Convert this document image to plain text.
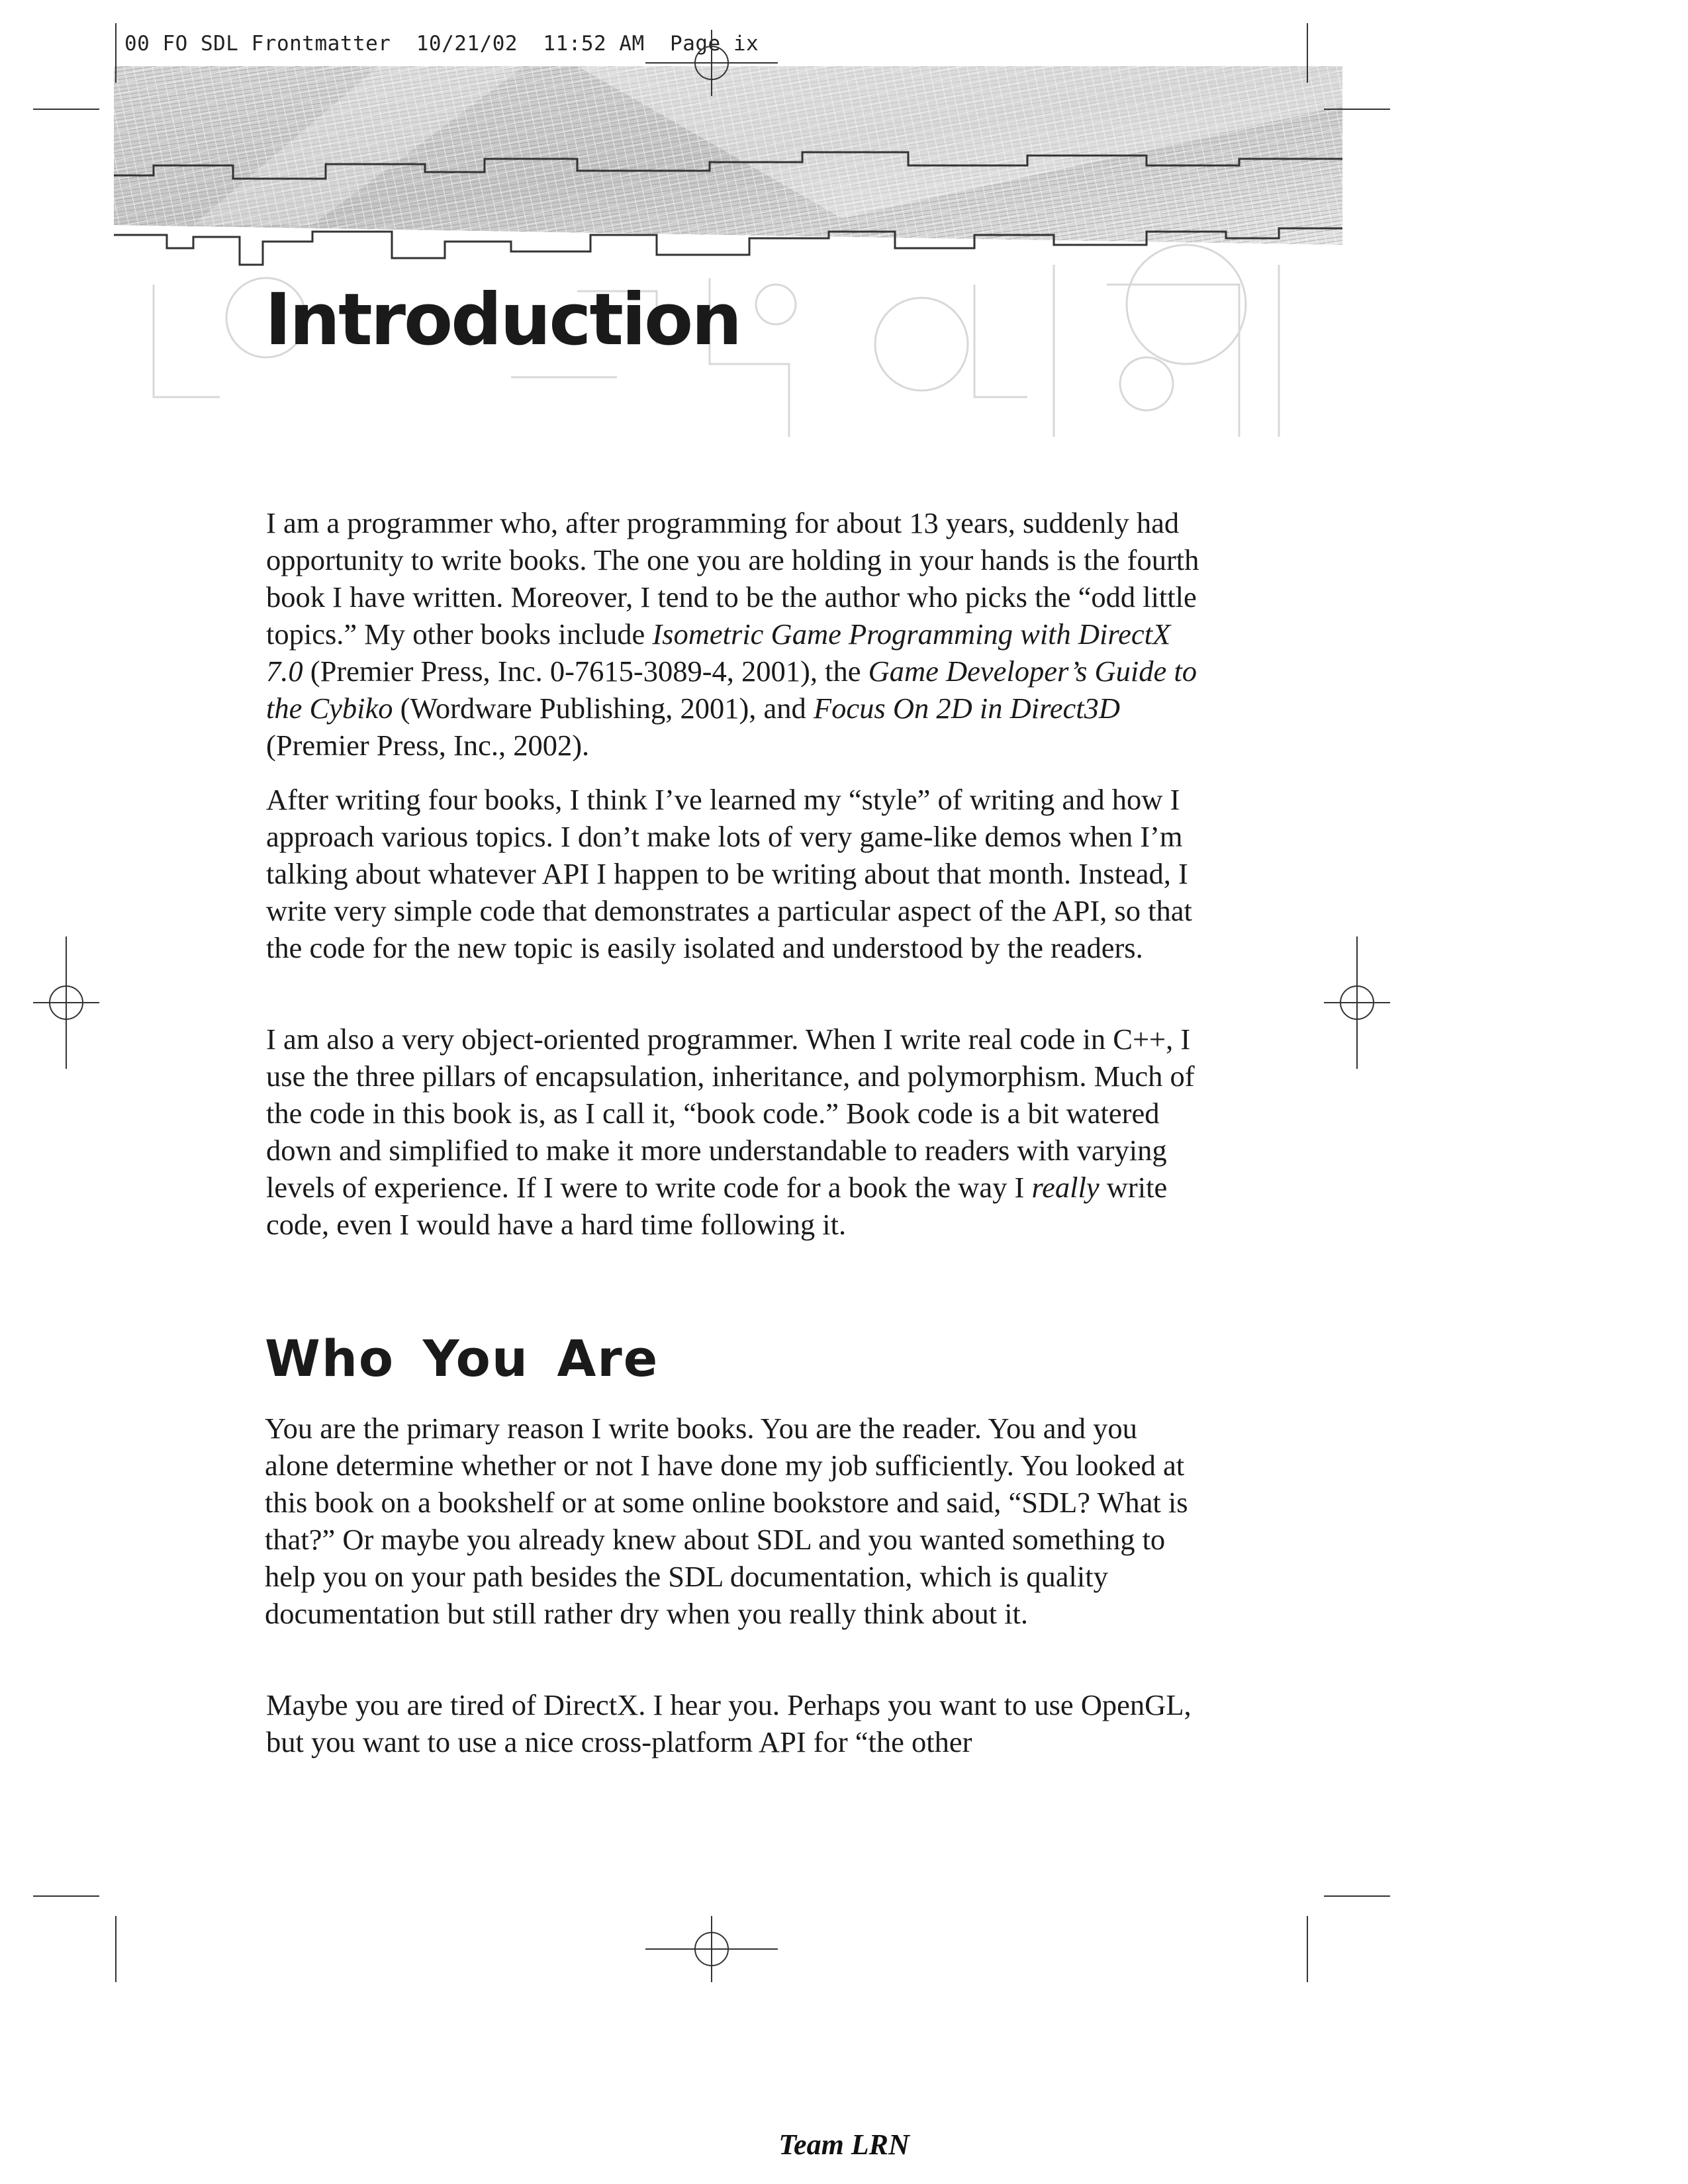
00 FO SDL Frontmatter  10/21/02  11:52 AM  Page ix
Introduction

I am a programmer who, after programming for about 13 years, suddenly had opportunity to write books. The one you are holding in your hands is the fourth book I have written. Moreover, I tend to be the author who picks the “odd little topics.” My other books include Isometric Game Programming with DirectX 7.0 (Premier Press, Inc. 0-7615-3089-4, 2001), the Game Developer’s Guide to the Cybiko (Wordware Publishing, 2001), and Focus On 2D in Direct3D (Premier Press, Inc., 2002).

After writing four books, I think I’ve learned my “style” of writing and how I approach various topics. I don’t make lots of very game-like demos when I’m talking about whatever API I happen to be writing about that month. Instead, I write very simple code that demonstrates a particular aspect of the API, so that the code for the new topic is easily isolated and understood by the readers.

I am also a very object-oriented programmer. When I write real code in C++, I use the three pillars of encapsulation, inheritance, and polymorphism. Much of the code in this book is, as I call it, “book code.” Book code is a bit watered down and simplified to make it more understandable to readers with varying levels of experience. If I were to write code for a book the way I really write code, even I would have a hard time following it.

Who You Are

You are the primary reason I write books. You are the reader. You and you alone determine whether or not I have done my job sufficiently. You looked at this book on a bookshelf or at some online bookstore and said, “SDL? What is that?” Or maybe you already knew about SDL and you wanted something to help you on your path besides the SDL documentation, which is quality documentation but still rather dry when you really think about it.

Maybe you are tired of DirectX. I hear you. Perhaps you want to use OpenGL, but you want to use a nice cross-platform API for “the other

Team LRN
